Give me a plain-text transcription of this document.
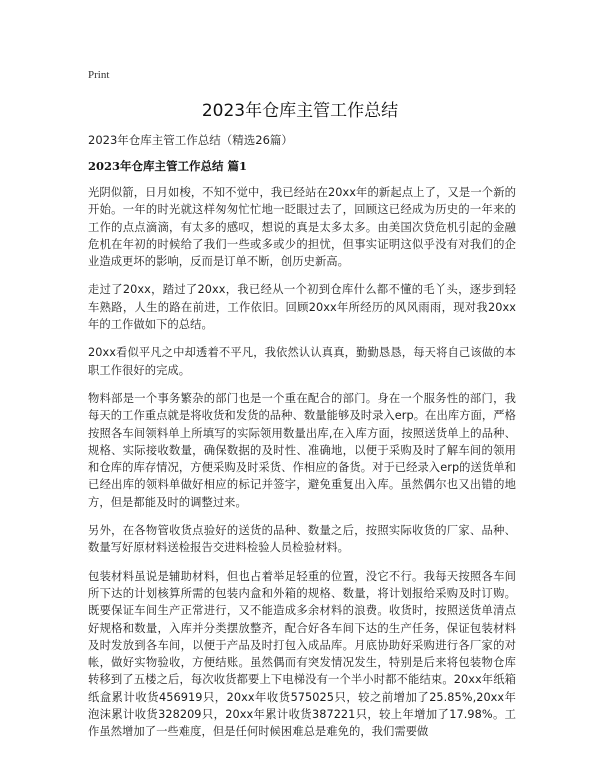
Print
2023年仓库主管工作总结
2023年仓库主管工作总结（精选26篇）
2023年仓库主管工作总结 篇1

光阴似箭，日月如梭，不知不觉中，我已经站在20xx年的新起点上了，又是一个新的开始。一年的时光就这样匆匆忙忙地一眨眼过去了，回顾这已经成为历史的一年来的工作的点点滴滴，有太多的感叹，想说的真是太多太多。由美国次贷危机引起的金融危机在年初的时候给了我们一些或多或少的担忧，但事实证明这似乎没有对我们的企业造成更坏的影响，反而是订单不断，创历史新高。

走过了20xx，踏过了20xx，我已经从一个初到仓库什么都不懂的毛丫头，逐步到轻车熟路，人生的路在前进，工作依旧。回顾20xx年所经历的风风雨雨，现对我20xx年的工作做如下的总结。

20xx看似平凡之中却透着不平凡，我依然认认真真，勤勤恳恳，每天将自己该做的本职工作很好的完成。

物料部是一个事务繁杂的部门也是一个重在配合的部门。身在一个服务性的部门，我每天的工作重点就是将收货和发货的品种、数量能够及时录入erp。在出库方面，严格按照各车间领料单上所填写的实际领用数量出库,在入库方面，按照送货单上的品种、规格、实际接收数量，确保数据的及时性、准确地，以便于采购及时了解车间的领用和仓库的库存情况，方便采购及时采货、作相应的备货。对于已经录入erp的送货单和已经出库的领料单做好相应的标记并签字，避免重复出入库。虽然偶尔也又出错的地方，但是都能及时的调整过来。

另外，在各物管收货点验好的送货的品种、数量之后，按照实际收货的厂家、品种、数量写好原材料送检报告交进料检验人员检验材料。

包装材料虽说是辅助材料，但也占着举足轻重的位置，没它不行。我每天按照各车间所下达的计划核算所需的包装内盒和外箱的规格、数量，将计划报给采购及时订购。既要保证车间生产正常进行，又不能造成多余材料的浪费。收货时，按照送货单清点好规格和数量，入库并分类摆放整齐，配合好各车间下达的生产任务，保证包装材料及时发放到各车间，以便于产品及时打包入成品库。月底协助好采购进行各厂家的对帐，做好实物验收，方便结账。虽然偶而有突发情况发生，特别是后来将包装物仓库转移到了五楼之后，每次收货都要上下电梯没有一个半小时都不能结束。20xx年纸箱纸盒累计收货456919只，20xx年收货575025只，较之前增加了25.85%,20xx年泡沫累计收货328209只，20xx年累计收货387221只，较上年增加了17.98%。工作虽然增加了一些难度，但是任何时候困难总是难免的，我们需要做
